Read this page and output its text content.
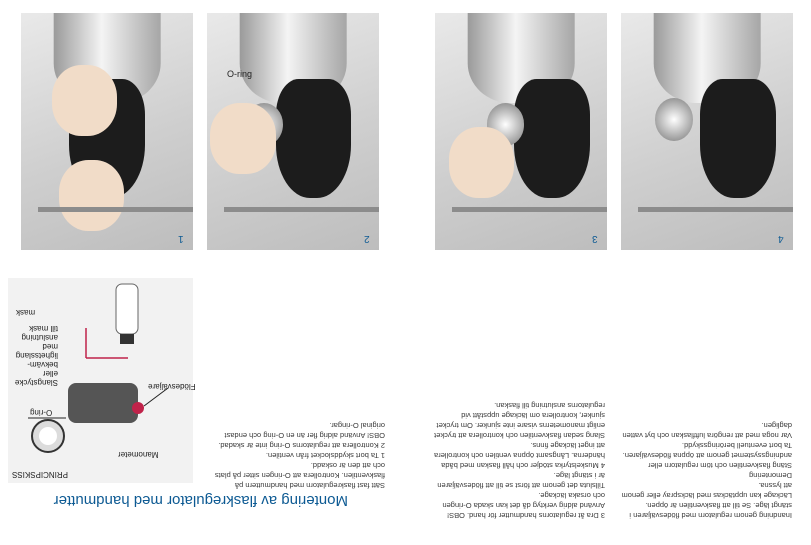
1
O-ring
2	3	4
PRINCIPSKISS
Flödesväljare
Manometer
O-ring
Slangstycke eller bekväm-lighetsslang med anslutning till mask
mask
Sätt fast flaskregulatorn med handmuttern på flaskventilen. Kontrollera att O-ringen sitter på plats och att den är oskadd.
1 Ta bort skyddslocket från ventilen.
2 Kontrollera att regulatorns O-ring inte är skadad.
OBS! Använd aldrig fler än en O-ring och endast original O-ringar.
3 Dra åt regulatorns handmutter för hand. OBS! Använd aldrig verktyg då det kan skada O-ringen och orsaka läckage.
Tillsluta det genom att först se till att flödesväljaren är i stängt läge.
4 Muskelstyrka stödjer och håll flaskan med båda händerna. Långsamt öppna ventilen och kontrollera att inget läckage finns.
Slang sedan flaskventilen och kontrollera att trycket enligt manometerns visare inte sjunker. Om trycket sjunker, kontrollera om läckage uppstått vid regulatorns anslutning till flaskan.
Inandning genom regulatorn med flödesväljaren i stängt läge. Se till att flaskventilen är öppen.
Läckage kan upptäckas med läckspray eller genom att lyssna.
Demontering
Stäng flaskventilen och töm regulatorn eller andningssystemet genom att öppna flödesväljaren.
Ta bort eventuell beröringsskydd.
Var noga med att rengöra luftflaskan och byt vatten dagligen.
Montering av flaskregulator med handmutter
